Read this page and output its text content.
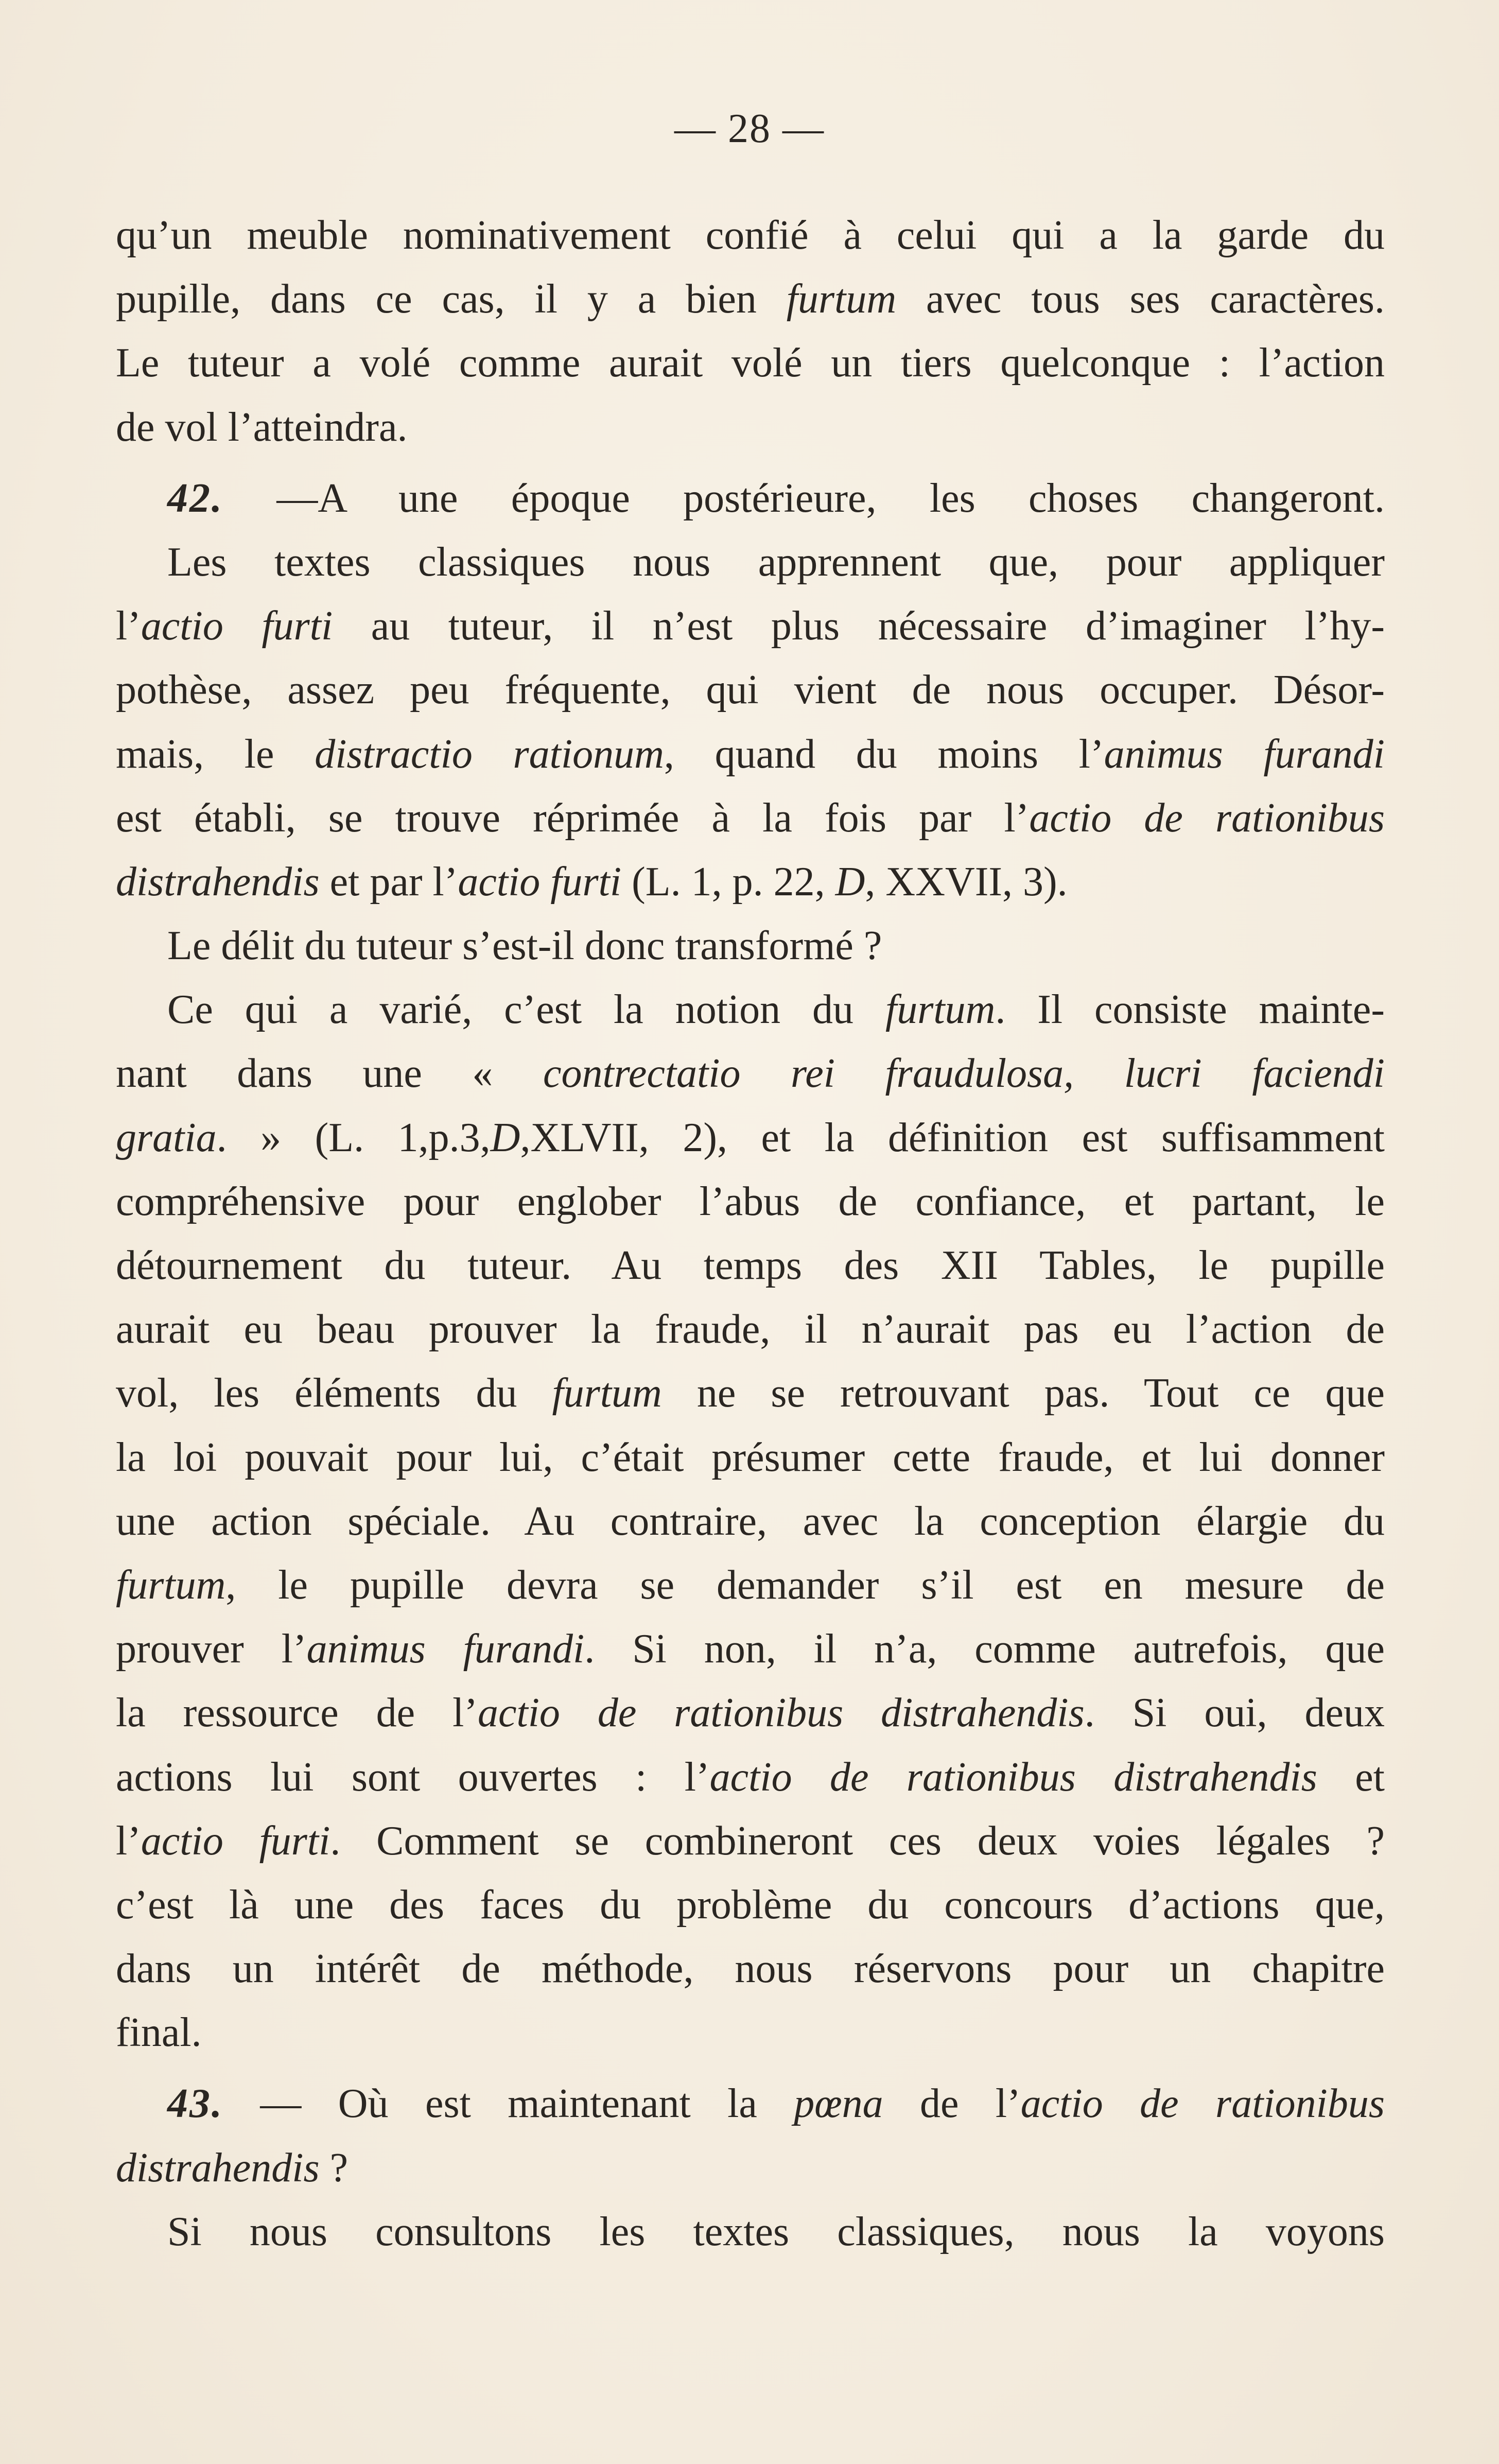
— 28 —
qu’un meuble nominativement confié à celui qui a la garde du
pupille, dans ce cas, il y a bien furtum avec tous ses caractères.
Le tuteur a volé comme aurait volé un tiers quelconque : l’action
de vol l’atteindra.
42. —A une époque postérieure, les choses changeront.
Les textes classiques nous apprennent que, pour appliquer
l’actio furti au tuteur, il n’est plus nécessaire d’imaginer l’hy-
pothèse, assez peu fréquente, qui vient de nous occuper. Désor-
mais, le distractio rationum, quand du moins l’animus furandi
est établi, se trouve réprimée à la fois par l’actio de rationibus
distrahendis et par l’actio furti (L. 1, p. 22, D, XXVII, 3).
Le délit du tuteur s’est-il donc transformé ?
Ce qui a varié, c’est la notion du furtum. Il consiste mainte-
nant dans une « contrectatio rei fraudulosa, lucri faciendi
gratia. » (L. 1,p.3,D,XLVII, 2), et la définition est suffisamment
compréhensive pour englober l’abus de confiance, et partant, le
détournement du tuteur. Au temps des XII Tables, le pupille
aurait eu beau prouver la fraude, il n’aurait pas eu l’action de
vol, les éléments du furtum ne se retrouvant pas. Tout ce que
la loi pouvait pour lui, c’était présumer cette fraude, et lui donner
une action spéciale. Au contraire, avec la conception élargie du
furtum, le pupille devra se demander s’il est en mesure de
prouver l’animus furandi. Si non, il n’a, comme autrefois, que
la ressource de l’actio de rationibus distrahendis. Si oui, deux
actions lui sont ouvertes : l’actio de rationibus distrahendis et
l’actio furti. Comment se combineront ces deux voies légales ?
c’est là une des faces du problème du concours d’actions que,
dans un intérêt de méthode, nous réservons pour un chapitre
final.
43. — Où est maintenant la pœna de l’actio de rationibus
distrahendis ?
Si nous consultons les textes classiques, nous la voyons
